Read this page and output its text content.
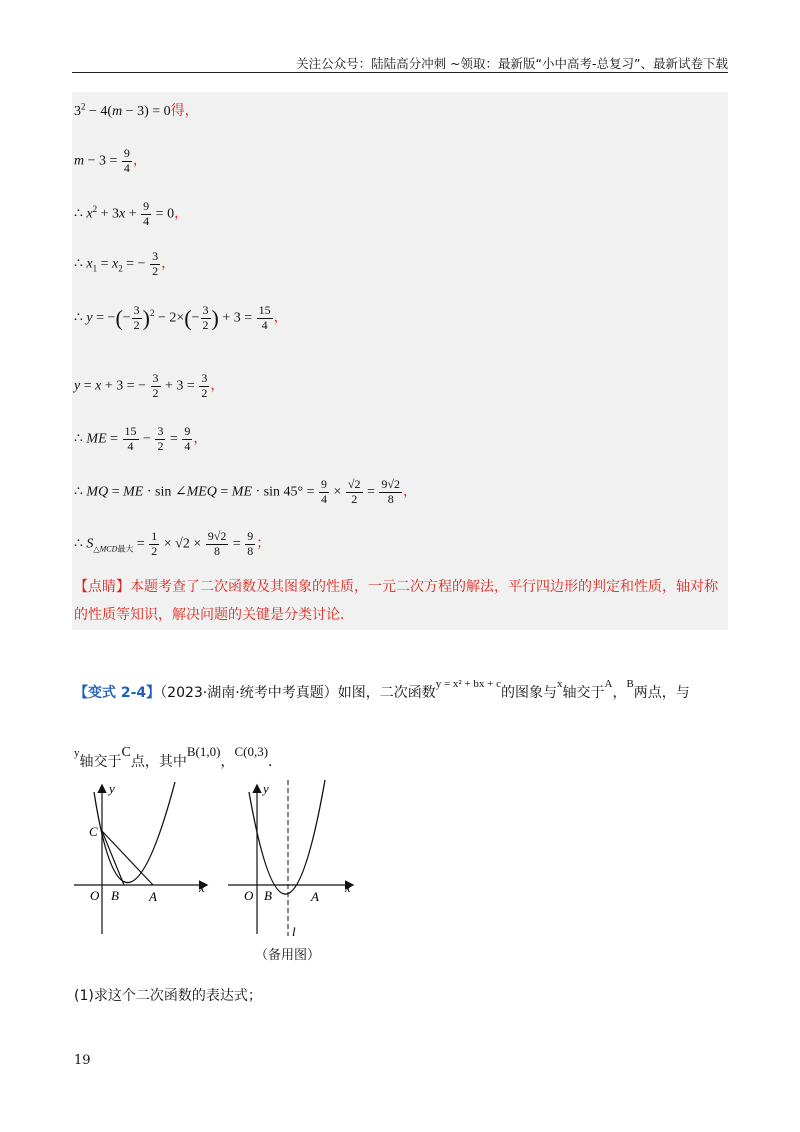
关注公众号：陆陆高分冲刺 ~领取：最新版“小中高考-总复习”、最新试卷下载
$3^2 - 4(m - 3) = 0$得，
$m - 3 = \frac{9}{4}$ ，
∴ $x^2 + 3x + \frac{9}{4} = 0$，
∴ $x_1 = x_2$ = − $\frac{3}{2}$ ，
∴ y = −(− $\frac{3}{2} )^2 - 2\times(- \frac{3}{2}$ ) + $3 = \frac{15}{4}$ ，
y = x + 3 = − $\frac{3}{2} + 3 = \frac{3}{2}$ ，
∴ ME = $\frac{15}{4} - \frac{3}{2} = \frac{9}{4}$ ，
∴ MQ = ME · sin ∠MEQ = ME · $\sin 45^\circ = \frac{9}{4} \times \frac{√2}{2} = \frac{9√2}{8}$ ，
∴ $S_{\triangle MCD最大} = \frac{1}{2} \times √2 \times \frac{9√2}{8} = \frac{9}{8}$ ；
【点睛】本题考查了二次函数及其图象的性质，一元二次方程的解法，平行四边形的判定和性质，轴对称的性质等知识，解决问题的关键是分类讨论．
【变式 2-4】（2023·湖南·统考中考真题）如图，二次函数$^{y = x^2 + bx + c}$的图象与$^x$轴交于$^A$，$^B$两点，与
$^y$轴交于C点，其中B(1,0)，C(0,3)．
y
x
O B A
C
y
x
O B	A
l
（备用图）
(1)求这个二次函数的表达式；
19
